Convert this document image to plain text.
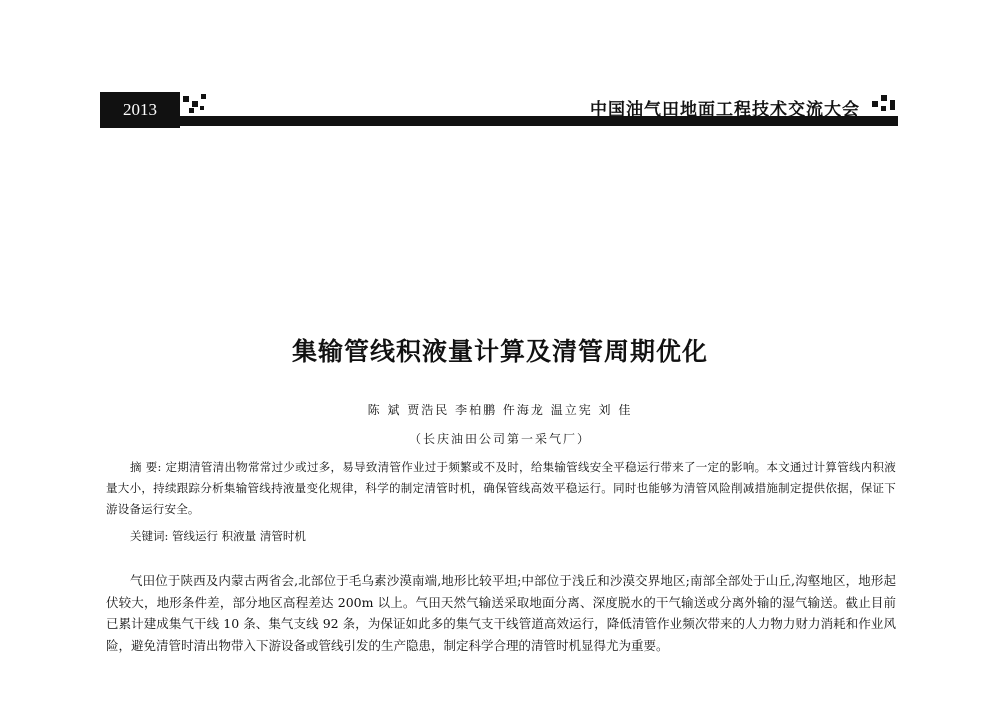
2013	中国油气田地面工程技术交流大会
集输管线积液量计算及清管周期优化
陈 斌 贾浩民 李柏鹏 仵海龙 温立宪 刘 佳
（长庆油田公司第一采气厂）
摘 要: 定期清管清出物常常过少或过多，易导致清管作业过于频繁或不及时，给集输管线安全平稳运行带来了一定的影响。本文通过计算管线内积液量大小，持续跟踪分析集输管线持液量变化规律，科学的制定清管时机，确保管线高效平稳运行。同时也能够为清管风险削减措施制定提供依据，保证下游设备运行安全。
关键词: 管线运行 积液量 清管时机
气田位于陕西及内蒙古两省会,北部位于毛乌素沙漠南端,地形比较平坦;中部位于浅丘和沙漠交界地区;南部全部处于山丘,沟壑地区，地形起伏较大，地形条件差，部分地区高程差达 200m 以上。气田天然气输送采取地面分离、深度脱水的干气输送或分离外输的湿气输送。截止目前已累计建成集气干线 10 条、集气支线 92 条，为保证如此多的集气支干线管道高效运行，降低清管作业频次带来的人力物力财力消耗和作业风险，避免清管时清出物带入下游设备或管线引发的生产隐患，制定科学合理的清管时机显得尤为重要。
